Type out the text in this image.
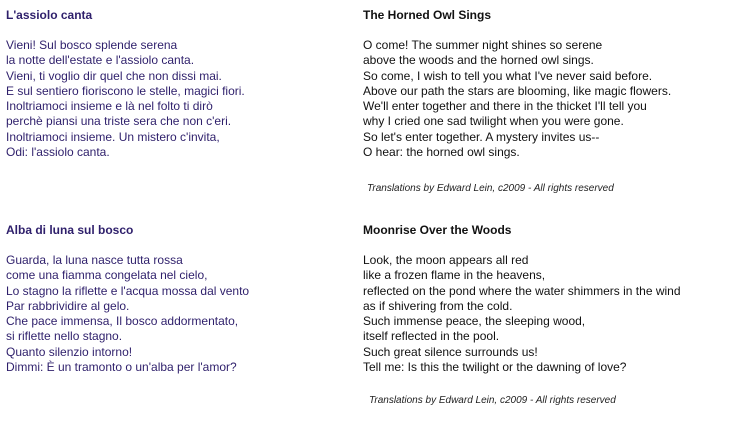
L'assiolo canta
Vieni! Sul bosco splende serena
la notte dell'estate e l'assiolo canta.
Vieni, ti voglio dir quel che non dissi mai.
E sul sentiero fioriscono le stelle, magici fiori.
Inoltriamoci insieme e là nel folto ti dirò
perchè piansi una triste sera che non c'eri.
Inoltriamoci insieme. Un mistero c'invita,
Odi: l'assiolo canta.
The Horned Owl Sings
O come! The summer night shines so serene
above the woods and the horned owl sings.
So come, I wish to tell you what I've never said before.
Above our path the stars are blooming, like magic flowers.
We'll enter together and there in the thicket I'll tell you
why I cried one sad twilight when you were gone.
So let's enter together. A mystery invites us--
O hear: the horned owl sings.
Translations by Edward Lein, c2009 - All rights reserved
Alba di luna sul bosco
Guarda, la luna nasce tutta rossa
come una fiamma congelata nel cielo,
Lo stagno la riflette e l'acqua mossa dal vento
Par rabbrividire al gelo.
Che pace immensa, Il bosco addormentato,
si riflette nello stagno.
Quanto silenzio intorno!
Dimmi: È un tramonto o un'alba per l'amor?
Moonrise Over the Woods
Look, the moon appears all red
like a frozen flame in the heavens,
reflected on the pond where the water shimmers in the wind
as if shivering from the cold.
Such immense peace, the sleeping wood,
itself reflected in the pool.
Such great silence surrounds us!
Tell me: Is this the twilight or the dawning of love?
Translations by Edward Lein, c2009 - All rights reserved
